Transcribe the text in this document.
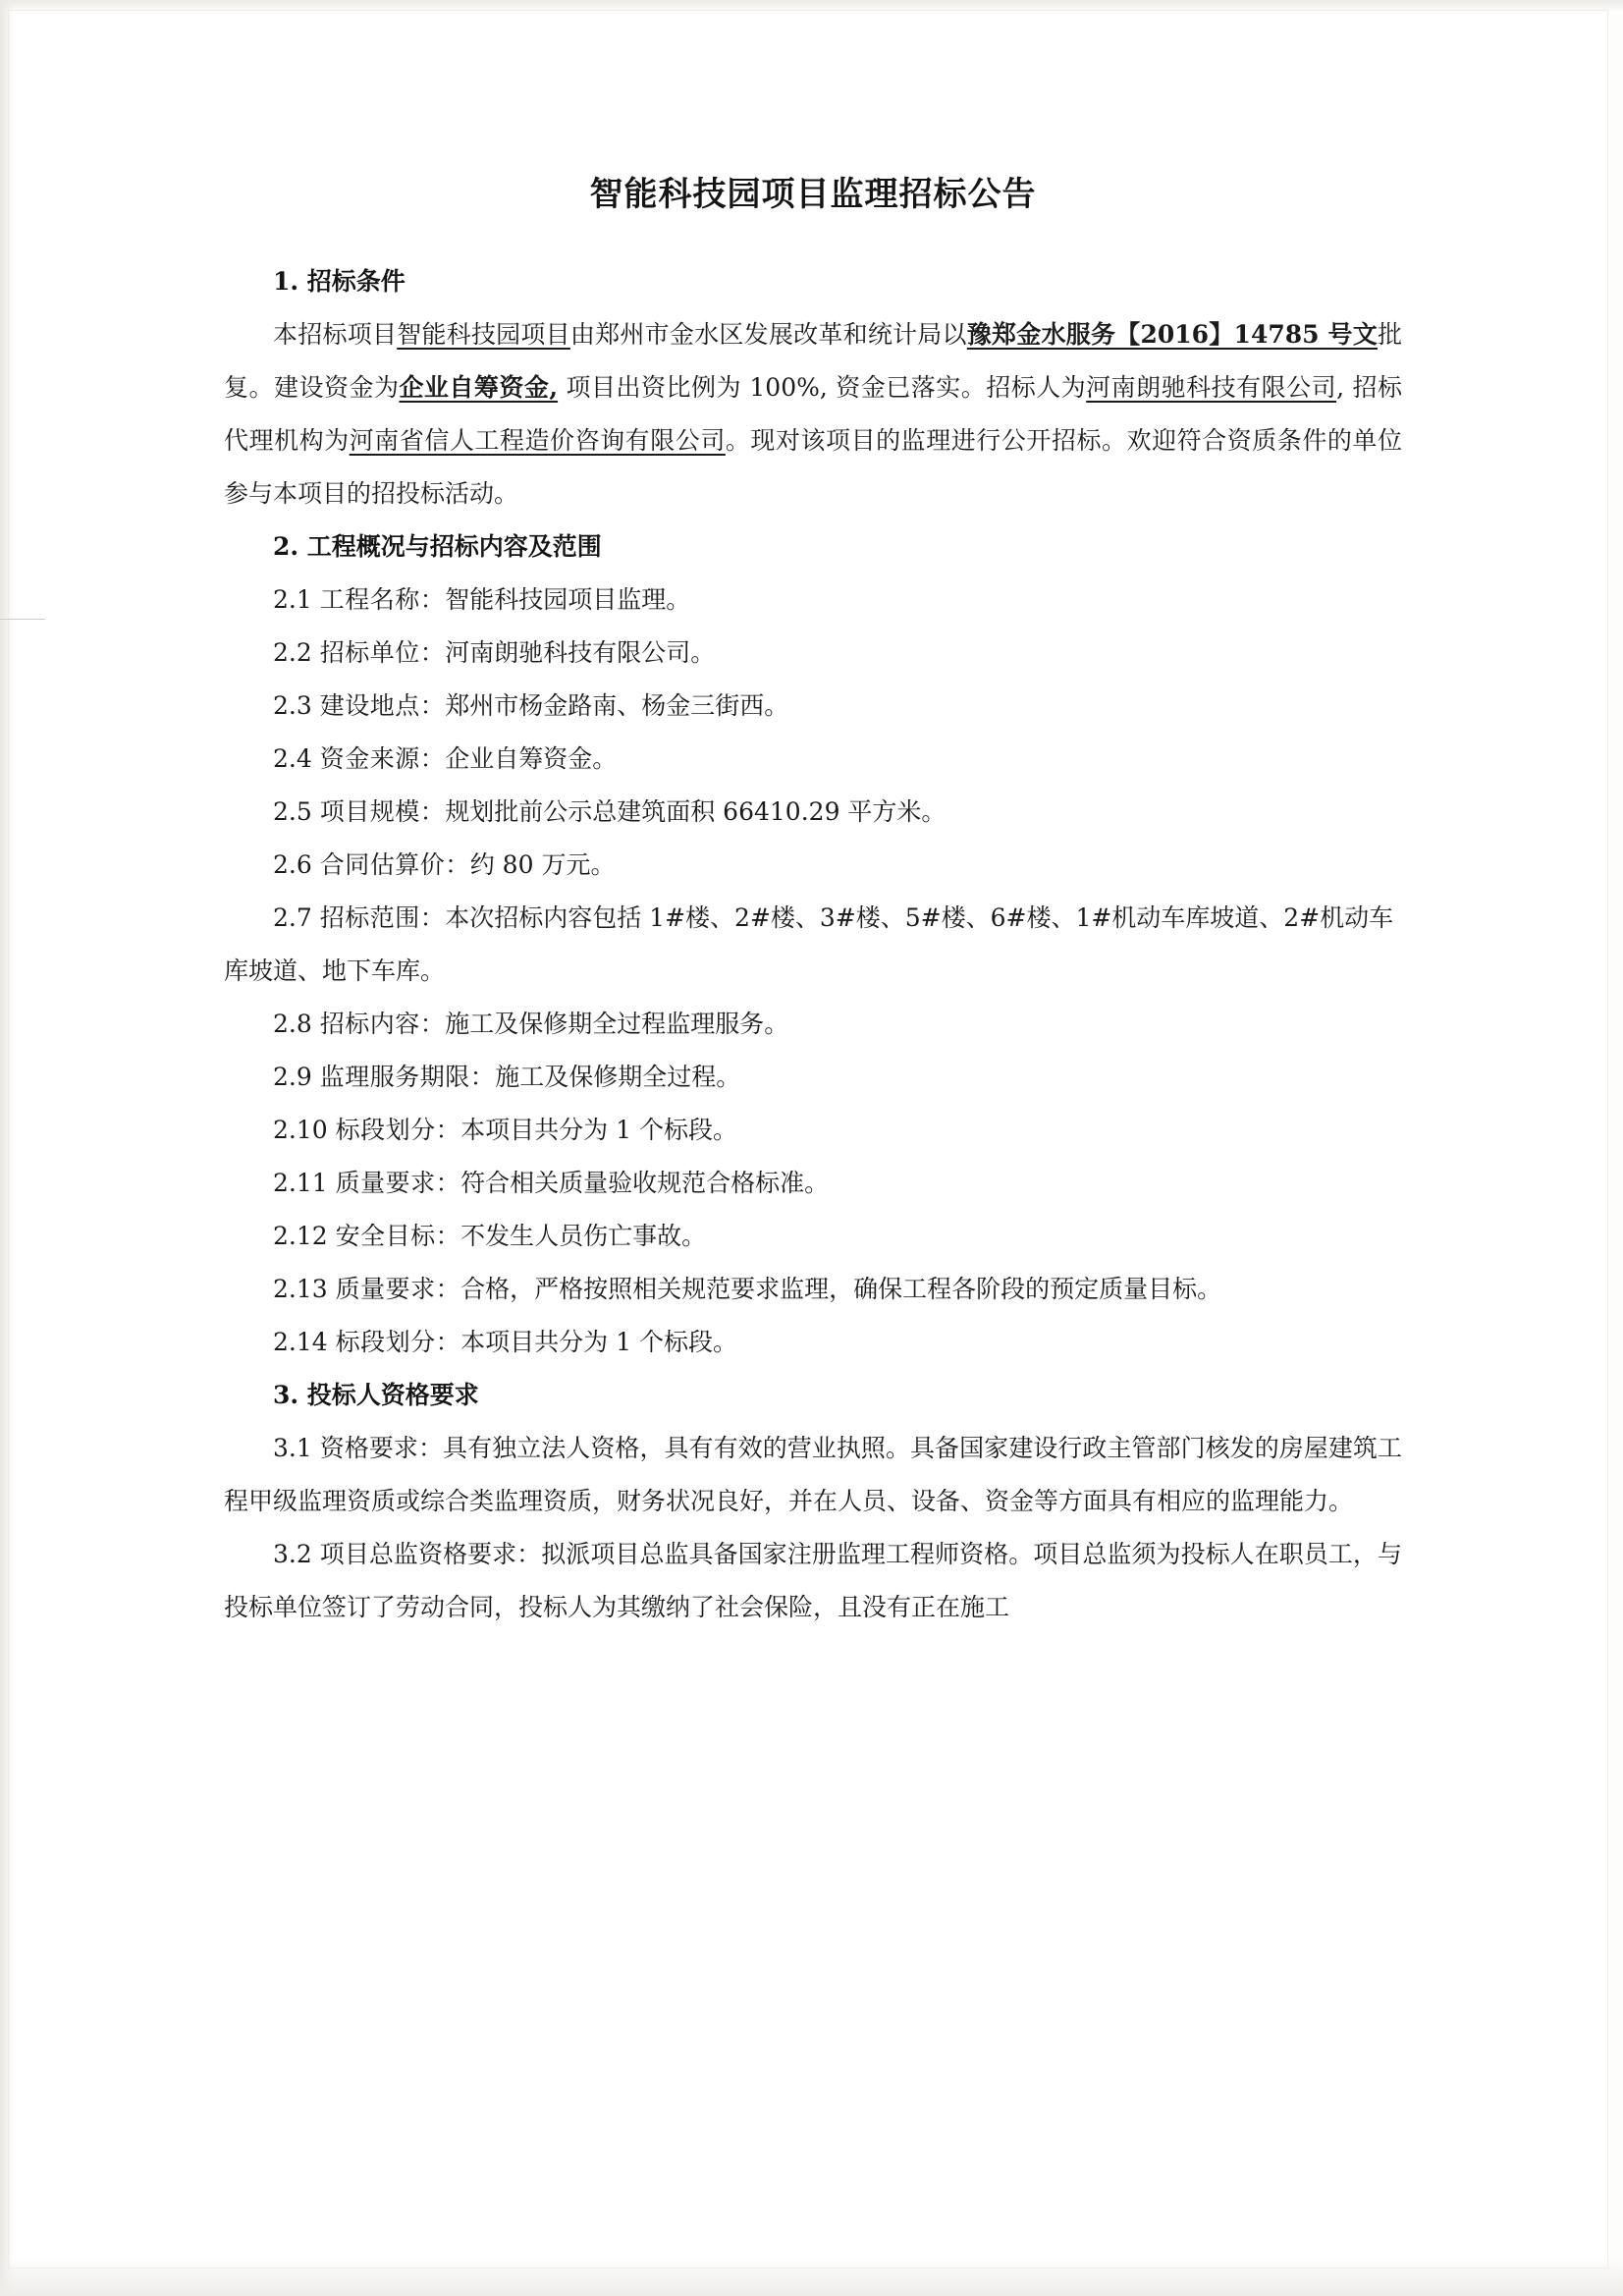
智能科技园项目监理招标公告

1. 招标条件

本招标项目智能科技园项目由郑州市金水区发展改革和统计局以豫郑金水服务【2016】14785 号文批复。建设资金为企业自筹资金, 项目出资比例为 100%, 资金已落实。招标人为河南朗驰科技有限公司, 招标代理机构为河南省信人工程造价咨询有限公司。现对该项目的监理进行公开招标。欢迎符合资质条件的单位参与本项目的招投标活动。

2. 工程概况与招标内容及范围

2.1 工程名称：智能科技园项目监理。

2.2 招标单位：河南朗驰科技有限公司。

2.3 建设地点：郑州市杨金路南、杨金三街西。

2.4 资金来源：企业自筹资金。

2.5 项目规模：规划批前公示总建筑面积 66410.29 平方米。

2.6 合同估算价：约 80 万元。

2.7 招标范围：本次招标内容包括 1#楼、2#楼、3#楼、5#楼、6#楼、1#机动车库坡道、2#机动车库坡道、地下车库。

2.8 招标内容：施工及保修期全过程监理服务。

2.9 监理服务期限：施工及保修期全过程。

2.10 标段划分：本项目共分为 1 个标段。

2.11 质量要求：符合相关质量验收规范合格标准。

2.12 安全目标：不发生人员伤亡事故。

2.13 质量要求：合格，严格按照相关规范要求监理，确保工程各阶段的预定质量目标。

2.14 标段划分：本项目共分为 1 个标段。

3. 投标人资格要求

3.1 资格要求：具有独立法人资格，具有有效的营业执照。具备国家建设行政主管部门核发的房屋建筑工程甲级监理资质或综合类监理资质，财务状况良好，并在人员、设备、资金等方面具有相应的监理能力。

3.2 项目总监资格要求：拟派项目总监具备国家注册监理工程师资格。项目总监须为投标人在职员工，与投标单位签订了劳动合同，投标人为其缴纳了社会保险，且没有正在施工
